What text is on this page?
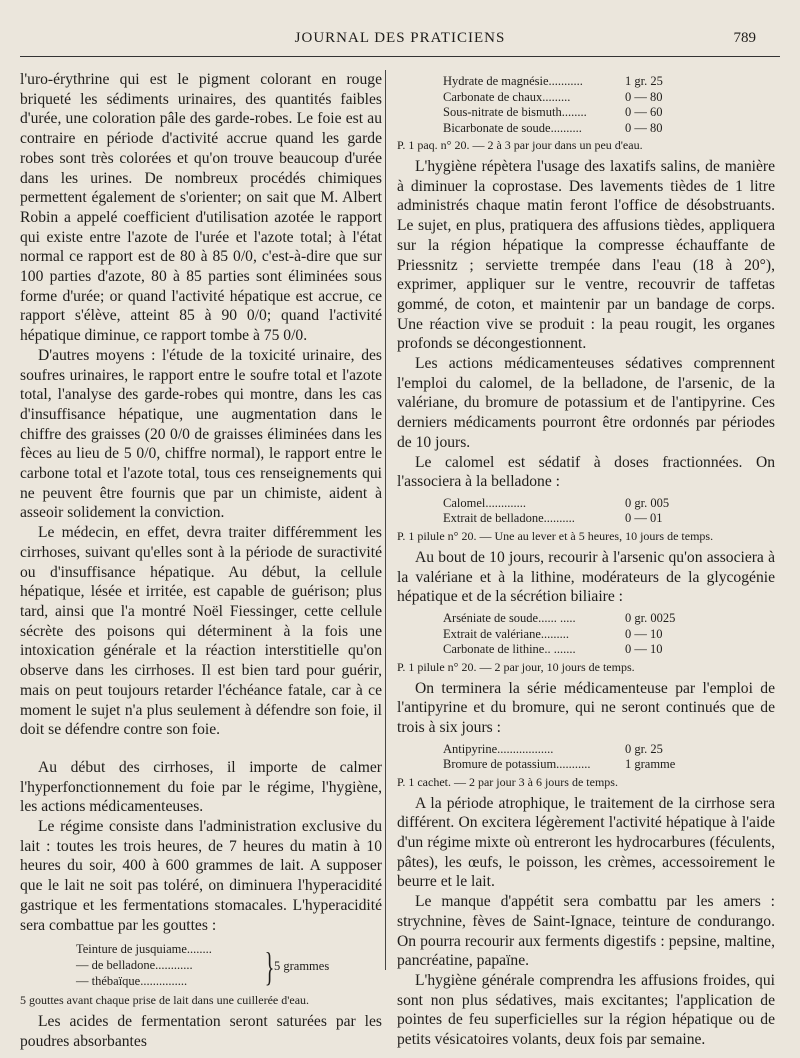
JOURNAL DES PRATICIENS	789

l'uro-érythrine qui est le pigment colorant en rouge briqueté les sédiments urinaires, des quantités faibles d'urée, une coloration pâle des garde-robes. Le foie est au contraire en période d'activité accrue quand les garde robes sont très colorées et qu'on trouve beaucoup d'urée dans les urines. De nombreux procédés chimiques permettent également de s'orienter; on sait que M. Albert Robin a appelé coefficient d'utilisation azotée le rapport qui existe entre l'azote de l'urée et l'azote total; à l'état normal ce rapport est de 80 à 85 0/0, c'est-à-dire que sur 100 parties d'azote, 80 à 85 parties sont éliminées sous forme d'urée; or quand l'activité hépatique est accrue, ce rapport s'élève, atteint 85 à 90 0/0; quand l'activité hépatique diminue, ce rapport tombe à 75 0/0.

D'autres moyens : l'étude de la toxicité urinaire, des soufres urinaires, le rapport entre le soufre total et l'azote total, l'analyse des garde-robes qui montre, dans les cas d'insuffisance hépatique, une augmentation dans le chiffre des graisses (20 0/0 de graisses éliminées dans les fèces au lieu de 5 0/0, chiffre normal), le rapport entre le carbone total et l'azote total, tous ces renseignements qui ne peuvent être fournis que par un chimiste, aident à asseoir solidement la conviction.

Le médecin, en effet, devra traiter différemment les cirrhoses, suivant qu'elles sont à la période de suractivité ou d'insuffisance hépatique. Au début, la cellule hépatique, lésée et irritée, est capable de guérison; plus tard, ainsi que l'a montré Noël Fiessinger, cette cellule sécrète des poisons qui déterminent à la fois une intoxication générale et la réaction interstitielle qu'on observe dans les cirrhoses. Il est bien tard pour guérir, mais on peut toujours retarder l'échéance fatale, car à ce moment le sujet n'a plus seulement à défendre son foie, il doit se défendre contre son foie.

Au début des cirrhoses, il importe de calmer l'hyperfonctionnement du foie par le régime, l'hygiène, les actions médicamenteuses.

Le régime consiste dans l'administration exclusive du lait : toutes les trois heures, de 7 heures du matin à 10 heures du soir, 400 à 600 grammes de lait. A supposer que le lait ne soit pas toléré, on diminuera l'hyperacidité gastrique et les fermentations stomacales. L'hyperacidité sera combattue par les gouttes :

Teinture de jusquiame........
— de belladone............
— thébaïque...............	} 5 grammes
5 gouttes avant chaque prise de lait dans une cuillerée d'eau.

Les acides de fermentation seront saturées par les poudres absorbantes

Hydrate de magnésie...........	1 gr. 25
Carbonate de chaux.........	0 — 80
Sous-nitrate de bismuth........	0 — 60
Bicarbonate de soude..........	0 — 80
P. 1 paq. n° 20. — 2 à 3 par jour dans un peu d'eau.

L'hygiène répètera l'usage des laxatifs salins, de manière à diminuer la coprostase. Des lavements tièdes de 1 litre administrés chaque matin feront l'office de désobstruants. Le sujet, en plus, pratiquera des affusions tièdes, appliquera sur la région hépatique la compresse échauffante de Priessnitz ; serviette trempée dans l'eau (18 à 20°), exprimer, appliquer sur le ventre, recouvrir de taffetas gommé, de coton, et maintenir par un bandage de corps. Une réaction vive se produit : la peau rougit, les organes profonds se décongestionnent.

Les actions médicamenteuses sédatives comprennent l'emploi du calomel, de la belladone, de l'arsenic, de la valériane, du bromure de potassium et de l'antipyrine. Ces derniers médicaments pourront être ordonnés par périodes de 10 jours.

Le calomel est sédatif à doses fractionnées. On l'associera à la belladone :

Calomel.............	0 gr. 005
Extrait de belladone..........	0 — 01
P. 1 pilule n° 20. — Une au lever et à 5 heures, 10 jours de temps.

Au bout de 10 jours, recourir à l'arsenic qu'on associera à la valériane et à la lithine, modérateurs de la glycogénie hépatique et de la sécrétion biliaire :

Arséniate de soude...... .....	0 gr. 0025
Extrait de valériane.........	0 — 10
Carbonate de lithine.. .......	0 — 10
P. 1 pilule n° 20. — 2 par jour, 10 jours de temps.

On terminera la série médicamenteuse par l'emploi de l'antipyrine et du bromure, qui ne seront continués que de trois à six jours :

Antipyrine..................	0 gr. 25
Bromure de potassium...........	1 gramme
P. 1 cachet. — 2 par jour 3 à 6 jours de temps.

A la période atrophique, le traitement de la cirrhose sera différent. On excitera légèrement l'activité hépatique à l'aide d'un régime mixte où entreront les hydrocarbures (féculents, pâtes), les œufs, le poisson, les crèmes, accessoirement le beurre et le lait.

Le manque d'appétit sera combattu par les amers : strychnine, fèves de Saint-Ignace, teinture de condurango. On pourra recourir aux ferments digestifs : pepsine, maltine, pancréatine, papaïne.

L'hygiène générale comprendra les affusions froides, qui sont non plus sédatives, mais excitantes; l'application de pointes de feu superficielles sur la région hépatique ou de petits vésicatoires volants, deux fois par semaine.
